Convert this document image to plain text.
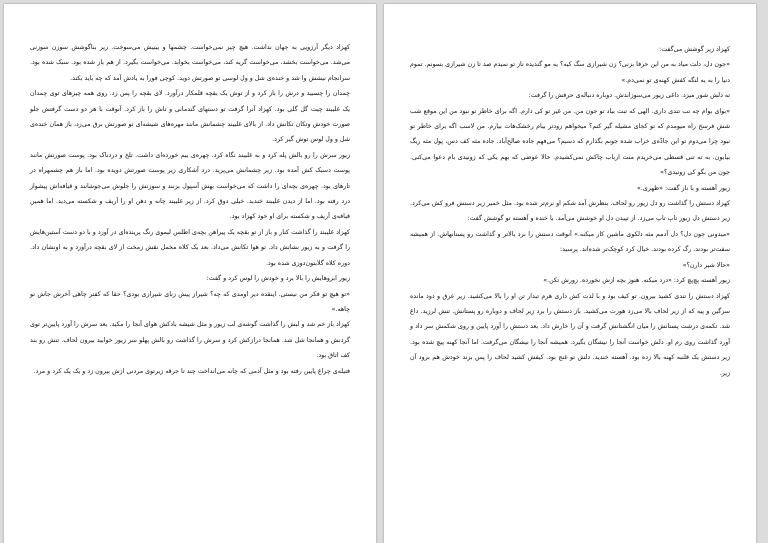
کهزاد دیگر آرزویی به جهان نداشت. هیچ چیز نمی‌خواست. چشمها و بینیش می‌سوخت. زیر بناگوشش سوزن سوزنی می‌شد. می‌خواست بخشد، می‌خواست گریه کند، می‌خواست بخوابد. می‌خواست بگیرد. از هم باز شده بود. سبک شده بود. سرانجام نیشش وا شد و خنده‌ی شل و ول لوسی تو صورتش دوید. کوچی فورا به یادش آمد که چه باید بکند.

چمدان را چسبید و درش را باز کرد و از توش یک بقچه قلمکار درآورد. لای بقچه را پس زد. روی همه چیزهای توی چمدان یک غلیبند چیت گل گلی بود. کهزاد آنرا گرفت تو دستهای گندمانی و تاش را باز کرد. آنوقت با هر دو دست گرفتش جلو صورت خودش وتکان تکانش داد. از بالای غلیبند چشمانش مانند مهره‌های شیشه‌ای تو صورتش برق می‌زد، باز همان خنده‌ی شل و ول لوس توش گیر کرد.

زیور سرش را رو بالش پله کرد و به غلیبند نگاه کرد. چهره‌ی بیم خورده‌ای داشت. تلخ و دردناک بود. پوست صورتش مانند پوست دسبک کش آمده بود. زیر چشمانش می‌پرید. درد آشکاری زیر پوست صورتش دویده بود. اما باز هم چشمهراه در تارهای بود. چهره‌ی بچه‌ای را داشت که می‌خواست بهش آسپول بزنند و سوزنش را جلوش می‌جوشانند و قیافه‌اش پیشواز درد رفته بود. اما از دیدن غلیبند خندید. خیلی دوق کرد. از زیر غلیبند چانه و دهن او را آریف و شکسته می‌دید. اما همین قیافه‌ی آریف و شکسته برای او خود کهزاد بود.

کهزاد غلیبند را گذاشت کنار و باز از تو بقچه یک پیراهن بچه‌ی اطلس لیموی رنگ پرینده‌ای در آورد و با دو دست آستین‌هایش را گرفت و به زیور نشانش داد. تو هوا تکانش می‌داد. بعد یک کلاه مخمل نقش زمخت از لای بقچه درآورد و به اونشان داد. دوره کلاه گلابتون‌دوزی شده بود.

زیور ابروهایش را بالا برد و خودش را لوس کرد و گفت:

«تو هیچ تو فکر من نیستی. اینقده دیر اومدی که چه؟ شیراز پیش زنای شیرازی بودی؟ حقا که کفتر چاهی آخرش جاش تو چاهه.»

کهزاد باز خم شد و لبش را گذاشت گوشه‌ی لب زیور و مثل شیشه بادکش هوای آنجا را مکید. بعد سرش را آورد پایین‌تر توی گردنش و همانجا شل شد. همانجا درازکش کرد و سرش را گذاشت رو بالش پهلو سر زیور خوابید بیرون لحاف. تنش رو بند کف اتاق بود.

فتیله‌ی چراغ پایین رفته بود و مثل آدمی که چانه می‌انداخت چند تا جرقه زیرتوی مردنی ازش بیرون زد و یک یک کرد و مرد.

کهزاد زیر گوشش می‌گفت:

«جون دل، دلت میاد به من این حرفا بزنی؟ زن شیرازی سگ کیه؟ یه مو گندیده ناز تو نمیدم صد تا زن شیرازی بسونم. تموم دنیا را به یه لنگه کفش کهنه‌ی تو نمی‌دم.»

ته دلش شور میزد. داغی زیور می‌سوزاندش. دوباره دنباله‌ی حرفش را گرفت:

«بوای بوام چه تب تندی داری. الهی که تبت بیاد تو جون من. من غیر تو کی دارم. اگه برای خاطر تو نبود من این موقع شب شش فرسخ راه میومدم که تو کجای مشیله گیر کنم؟ میخواهم زودتر بیام رخشک‌هات بیارم. من لاسب اگه برای خاطر تو نبود چرا می‌دوم تو این جادّه‌ی خراب شده جونم بگذارم که دسبم؟ می‌فهم جاده صالح‌آباد. جاده مثه کف دس، پول مثه ریگ بیابون. به ته تنی قسطی می‌خریدم منت ارباب چاکش نمی‌کشیدم. حالا عوضی که بهم یکی که زونیدی بام دعوا می‌کنی. جون من بگو کی زونیدی؟»

زیور آهسته و با ناز گفت: «ظهری.»

کهزاد دستش را گذاشت رو دل زیور رو لحاف. بنظرش آمد شکم او نرم‌تر شده بود. مثل خمیر زیر دستش فرو کش می‌کرد. زیر دستش دل زیور تاپ تاپ می‌زد. از تپیدن دل او خوشش می‌آمد. با خنده و آهسته تو گوشش گفت:

«میدونی جون دل؟ دل آدمم مثه دلکوی ماشین کار میکنه.» آنوقت دستش را برد بالاتر و گذاشت رو پستانهاش. از همیشه سفت‌تر بودند. رگ کرده بودند. خیال کرد کوچک‌تر شده‌اند. پرسید:

«حالا شیر دارن؟»

زیور آهسته پچ‌پچ کرد: «درد میکنه. هنوز بچه ازش نخورده. زورش تکن.»

کهزاد دستش را تندی کشید بیرون. تو کیف بود و با لذت کش داری هرم تبدار تن او را بالا می‌کشید. زیر عرق و دود مانده سرگین و پیه که از زیر لحاف بالا می‌زد هورت می‌کشید. باز دستش را برد زیر لحاف و دوباره رو پستانش. تنش لرزید. داغ شد. تکمه‌ی درشت پستانش را میان انگشتانش گرفت و آن را خارش داد. بعد دستش را آورد پایین و روی شکمش سر داد و آورد گذاشت روی رم او. دلش خواست آنجا را نیشگان بگیرد. همیشه آنجا را نیشگان می‌گرفت. اما آنجا کهنه پیچ شده بود. زیر دستش یک قلنبه کهنه بالا زده بود. آهسته خندید. دلش تو غنج بود. کیفش کشید لحاف را پس بزند خودش هم برود آن زیر.
